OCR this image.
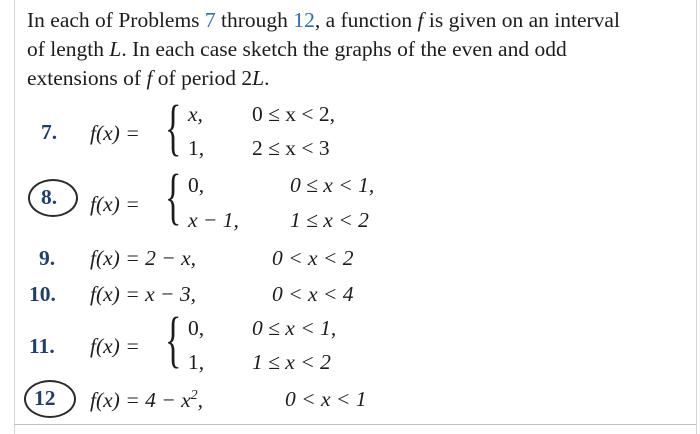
In each of Problems 7 through 12, a function f is given on an interval
of length L. In each case sketch the graphs of the even and odd
extensions of f of period 2L.
7. f(x) = { x, 0 ≤ x < 2,
1, 2 ≤ x < 3
8. f(x) = { 0,	0 ≤ x < 1,
x − 1, 1 ≤ x < 2
9. f(x) = 2 − x,	0 < x < 2
10. f(x) = x − 3,	0 < x < 4
11. f(x) = { 0, 0 ≤ x < 1,
1, 1 ≤ x < 2
12 $f(x) = 4 - x^2$,	0 < x < 1
